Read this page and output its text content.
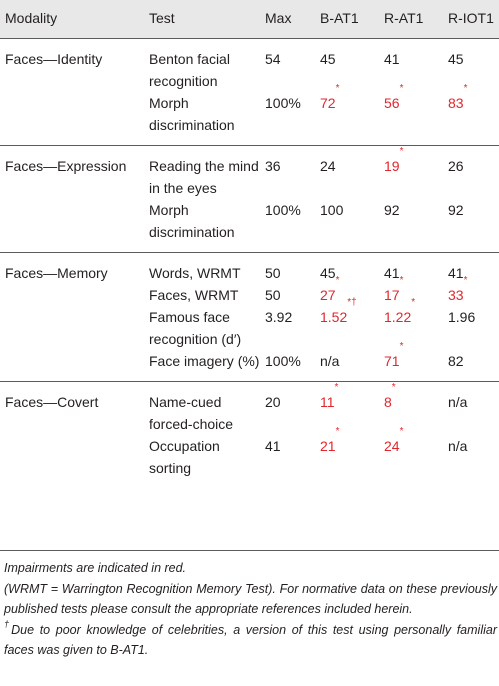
Modality	Test	Max	B-AT1	R-AT1	R-IOT1
Faces—Identity	Benton facial recognition	54	45	41	45
	Morph discrimination	100%	72*	56*	83*
Faces—Expression	Reading the mind in the eyes	36	24	19*	26
	Morph discrimination	100%	100	92	92
Faces—Memory	Words, WRMT	50	45	41	41
	Faces, WRMT	50	27*	17*	33*
	Famous face recognition (d′)	3.92	1.52*†	1.22*	1.96
	Face imagery (%)	100%	n/a	71*	82
Faces—Covert	Name-cued forced-choice	20	11*	8*	n/a
	Occupation sorting	41	21*	24*	n/a

Impairments are indicated in red.

(WRMT = Warrington Recognition Memory Test). For normative data on these previously published tests please consult the appropriate references included herein.

†Due to poor knowledge of celebrities, a version of this test using personally familiar faces was given to B-AT1.
